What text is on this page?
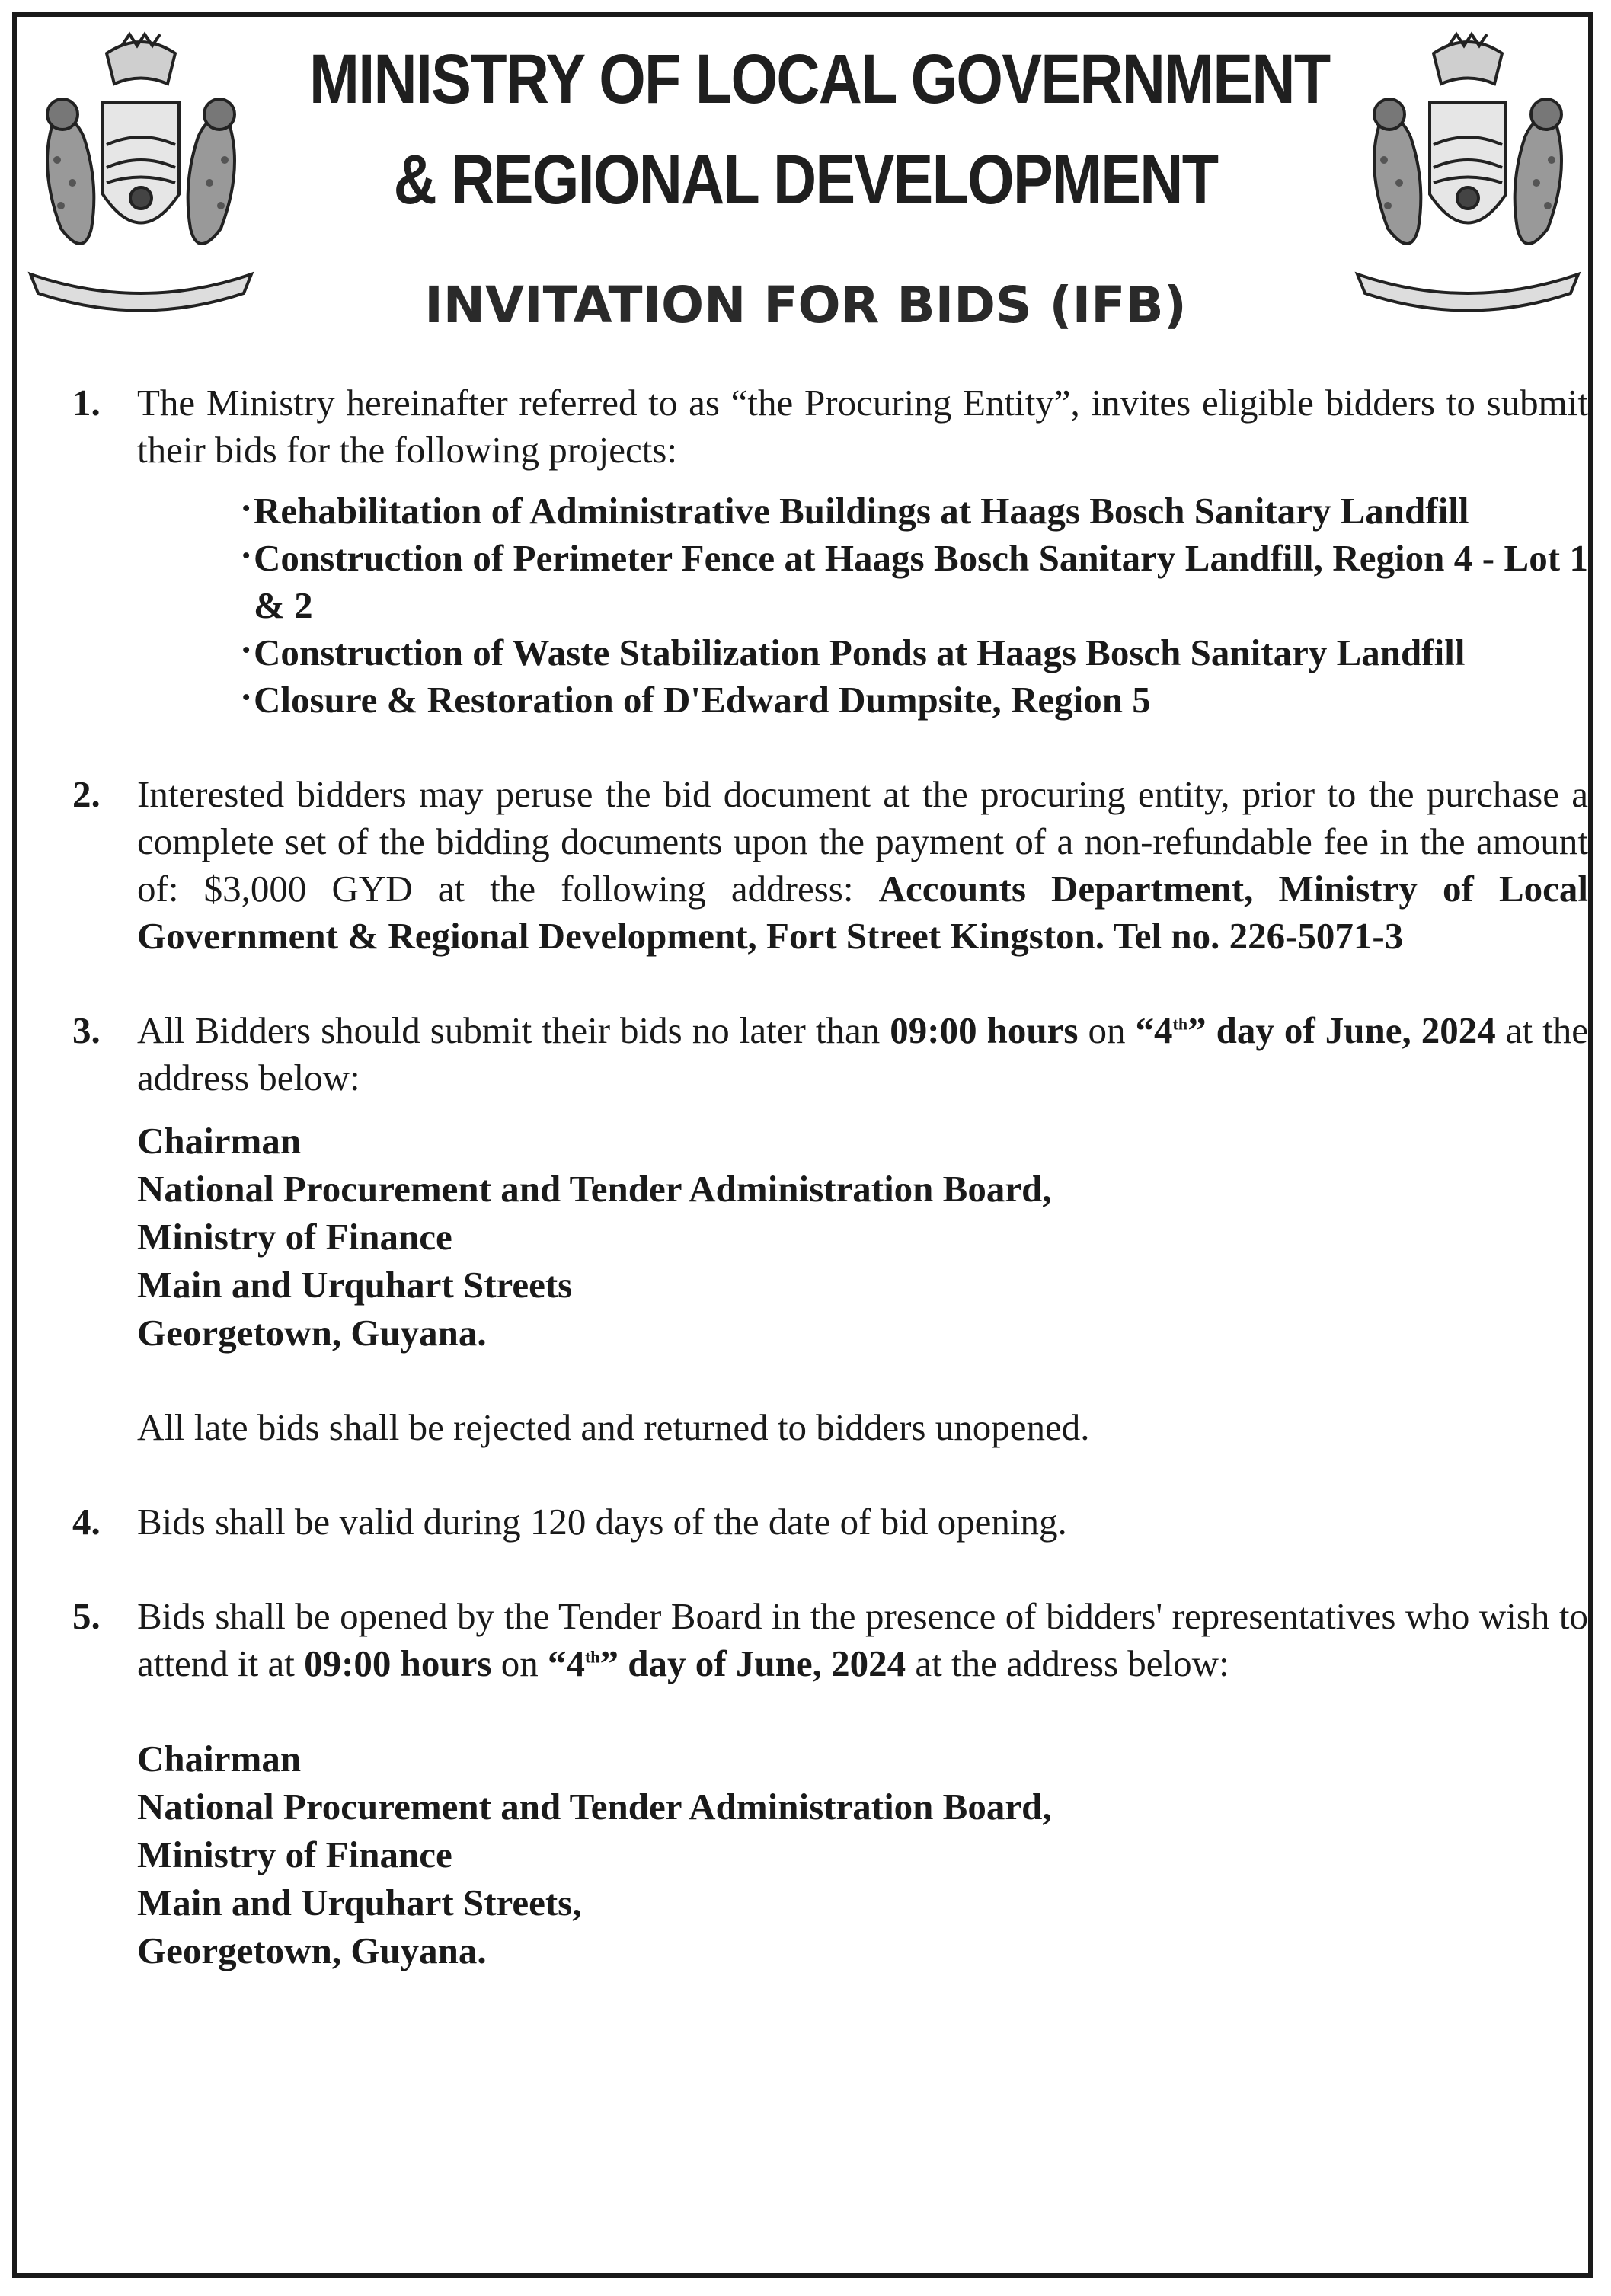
MINISTRY OF LOCAL GOVERNMENT
& REGIONAL DEVELOPMENT
INVITATION FOR BIDS (IFB)
1. The Ministry hereinafter referred to as “the Procuring Entity”, invites eligible bidders to submit their bids for the following projects:
· Rehabilitation of Administrative Buildings at Haags Bosch Sanitary Landfill
· Construction of Perimeter Fence at Haags Bosch Sanitary Landfill, Region 4 - Lot 1 & 2
· Construction of Waste Stabilization Ponds at Haags Bosch Sanitary Landfill
· Closure & Restoration of D'Edward Dumpsite, Region 5
2. Interested bidders may peruse the bid document at the procuring entity, prior to the purchase a complete set of the bidding documents upon the payment of a non-refundable fee in the amount of: $3,000 GYD at the following address: Accounts Department, Ministry of Local Government & Regional Development, Fort Street Kingston. Tel no. 226-5071-3
3. All Bidders should submit their bids no later than 09:00 hours on “4th” day of June, 2024 at the address below:
Chairman
National Procurement and Tender Administration Board,
Ministry of Finance
Main and Urquhart Streets
Georgetown, Guyana.
All late bids shall be rejected and returned to bidders unopened.
4. Bids shall be valid during 120 days of the date of bid opening.
5. Bids shall be opened by the Tender Board in the presence of bidders' representatives who wish to attend it at 09:00 hours on “4th” day of June, 2024 at the address below:
Chairman
National Procurement and Tender Administration Board,
Ministry of Finance
Main and Urquhart Streets,
Georgetown, Guyana.
